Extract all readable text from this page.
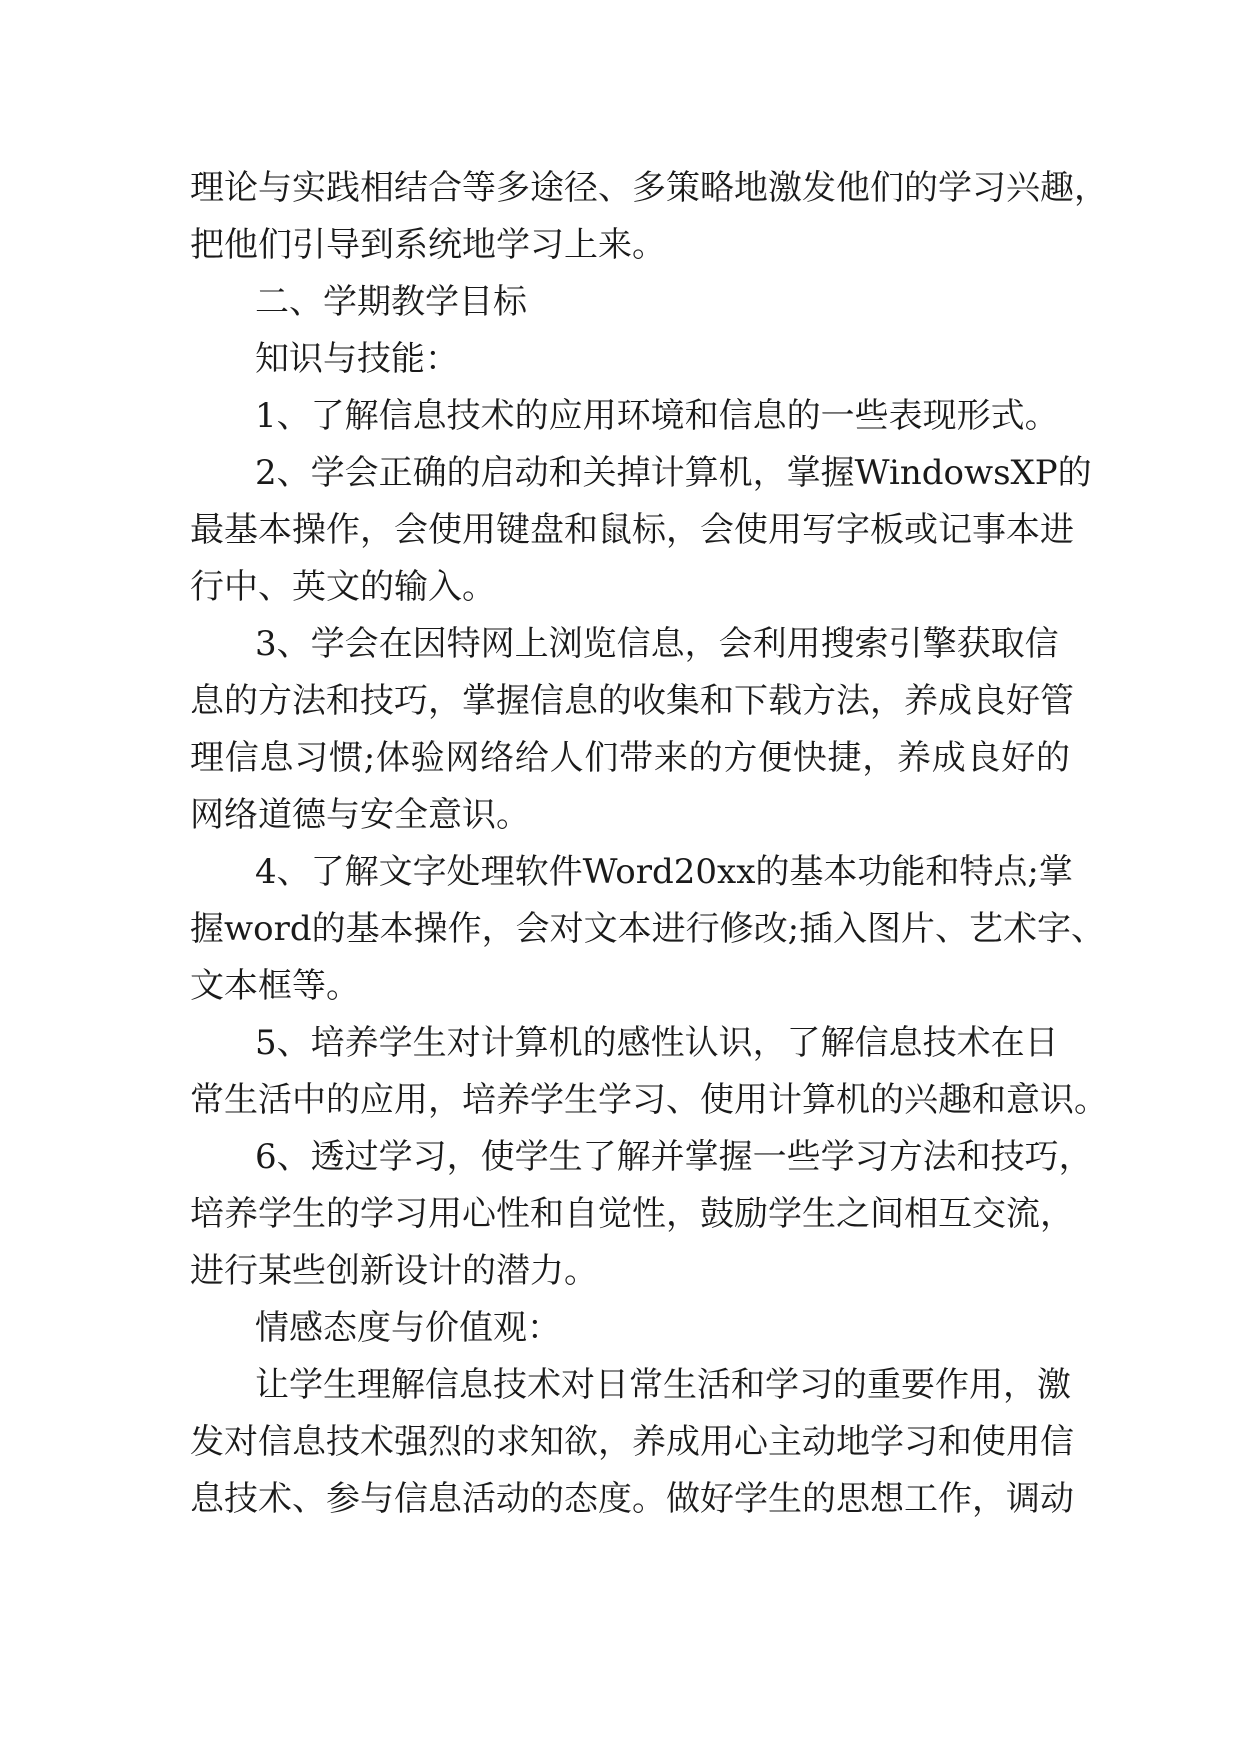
理论与实践相结合等多途径、多策略地激发他们的学习兴趣，
把他们引导到系统地学习上来。
二、学期教学目标
知识与技能：
1、了解信息技术的应用环境和信息的一些表现形式。
2、学会正确的启动和关掉计算机，掌握WindowsXP的
最基本操作，会使用键盘和鼠标，会使用写字板或记事本进
行中、英文的输入。
3、学会在因特网上浏览信息，会利用搜索引擎获取信
息的方法和技巧，掌握信息的收集和下载方法，养成良好管
理信息习惯;体验网络给人们带来的方便快捷，养成良好的
网络道德与安全意识。
4、了解文字处理软件Word20xx的基本功能和特点;掌
握word的基本操作，会对文本进行修改;插入图片、艺术字、
文本框等。
5、培养学生对计算机的感性认识，了解信息技术在日
常生活中的应用，培养学生学习、使用计算机的兴趣和意识。
6、透过学习，使学生了解并掌握一些学习方法和技巧，
培养学生的学习用心性和自觉性，鼓励学生之间相互交流，
进行某些创新设计的潜力。
情感态度与价值观：
让学生理解信息技术对日常生活和学习的重要作用，激
发对信息技术强烈的求知欲，养成用心主动地学习和使用信
息技术、参与信息活动的态度。做好学生的思想工作，调动
